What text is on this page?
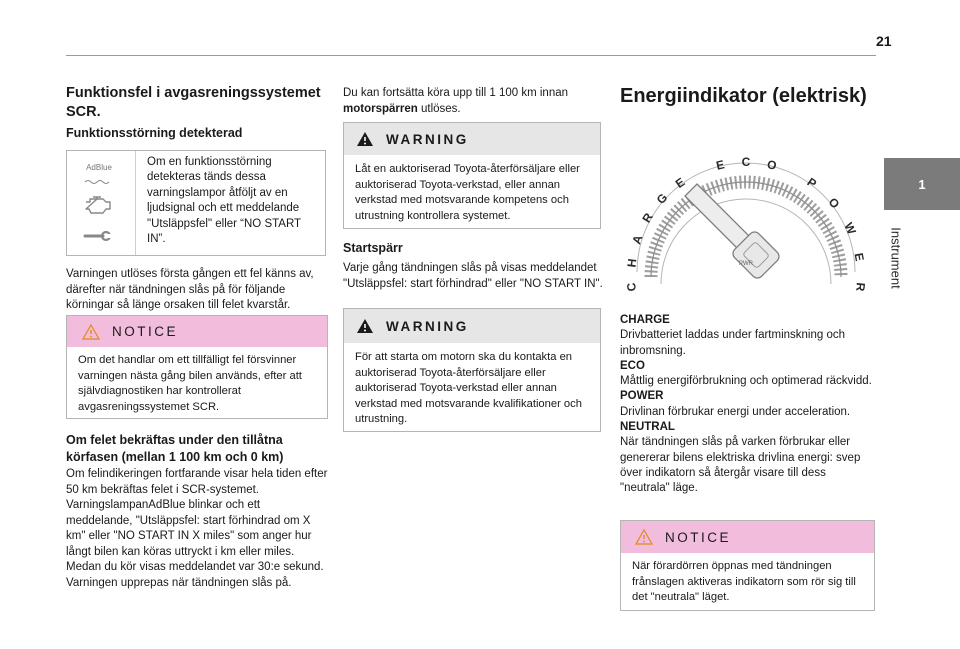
21
1
Instrument
Funktionsfel i avgasreningssystemet SCR.
Funktionsstörning detekterad
AdBlue	Om en funktionsstörning detekteras tänds dessa varningslampor åtföljt av en ljudsignal och ett meddelande "Utsläppsfel" eller “NO START IN”.
Varningen utlöses första gången ett fel känns av, därefter när tändningen slås på för följande körningar så länge orsaken till felet kvarstår.
NOTICE
Om det handlar om ett tillfälligt fel försvinner varningen nästa gång bilen används, efter att självdiagnostiken har kontrollerat avgasreningssystemet SCR.
Om felet bekräftas under den tillåtna körfasen (mellan 1 100 km och 0 km)
Om felindikeringen fortfarande visar hela tiden efter 50 km bekräftas felet i SCR-systemet. VarningslampanAdBlue blinkar och ett meddelande, "Utsläppsfel: start förhindrad om X km" eller "NO START IN X miles" som anger hur långt bilen kan köras uttryckt i km eller miles. Medan du kör visas meddelandet var 30:e sekund. Varningen upprepas när tändningen slås på.
Du kan fortsätta köra upp till 1 100 km innan motorspärren utlöses.
WARNING
Låt en auktoriserad Toyota-återförsäljare eller auktoriserad Toyota-verkstad, eller annan verkstad med motsvarande kompetens och utrustning kontrollera systemet.
Startspärr
Varje gång tändningen slås på visas meddelandet "Utsläppsfel: start förhindrad" eller "NO START IN".
WARNING
För att starta om motorn ska du kontakta en auktoriserad Toyota-återförsäljare eller auktoriserad Toyota-verkstad eller annan verkstad med motsvarande kvalifikationer och utrustning.
Energiindikator (elektrisk)
PWR
C
H
A
R
G
E
E C O
P
O
W
E
R
CHARGE
Drivbatteriet laddas under fartminskning och inbromsning.
ECO
Måttlig energiförbrukning och optimerad räckvidd.
POWER
Drivlinan förbrukar energi under acceleration.
NEUTRAL
När tändningen slås på varken förbrukar eller genererar bilens elektriska drivlina energi: svep över indikatorn så återgår visare till dess "neutrala" läge.
NOTICE
När förardörren öppnas med tändningen frånslagen aktiveras indikatorn som rör sig till det "neutrala" läget.
